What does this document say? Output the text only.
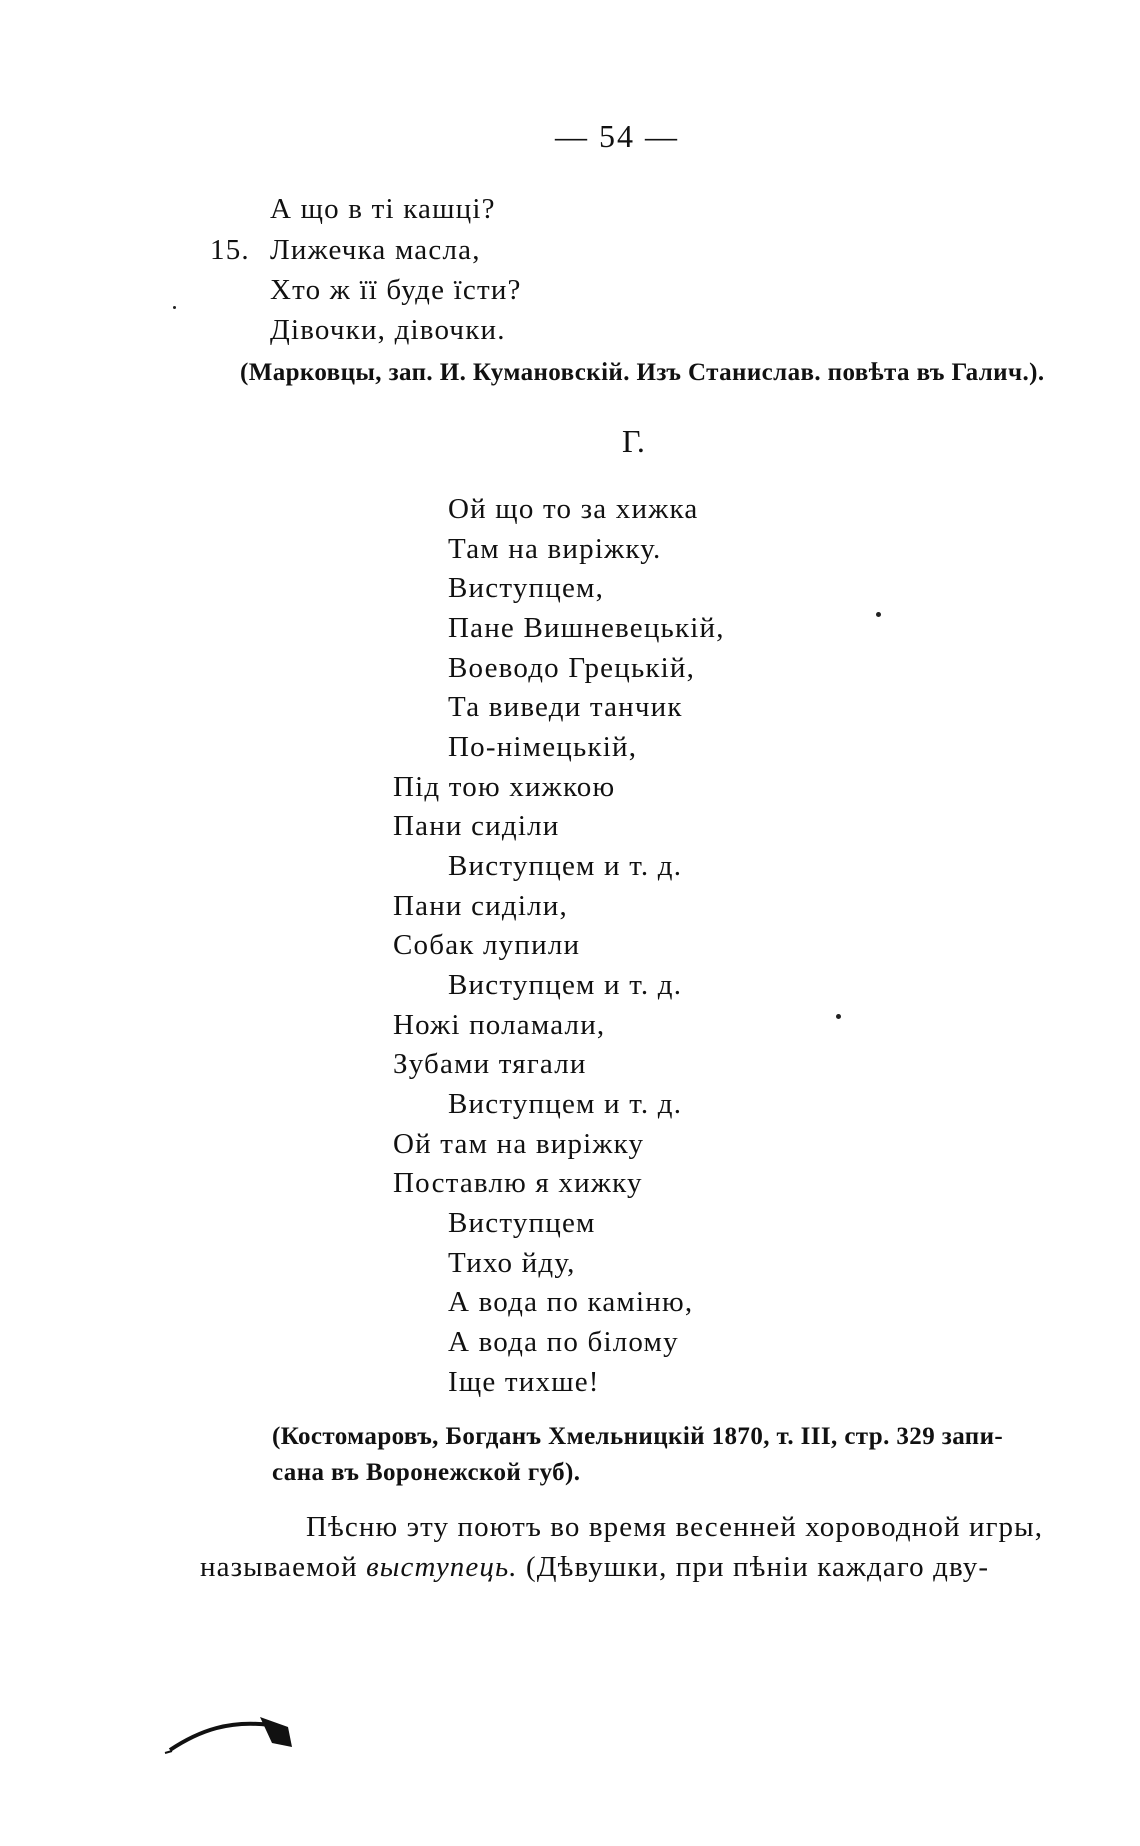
— 54 —
А що в ті кашці?
15. Лижечка масла,
Хто ж її буде їсти?
Дівочки, дівочки.
(Марковцы, зап. И. Кумановскій. Изъ Станислав. повѣта въ Галич.).
Г.
Ой що то за хижка
Там на виріжку.
Виступцем,
Пане Вишневецькій,
Воеводо Грецькій,
Та виведи танчик
По-німецькій,
Під тою хижкою
Пани сиділи
Виступцем и т. д.
Пани сиділи,
Собак лупили
Виступцем и т. д.
Ножі поламали,
Зубами тягали
Виступцем и т. д.
Ой там на виріжку
Поставлю я хижку
Виступцем
Тихо йду,
А вода по каміню,
А вода по білому
Іще тихше!
(Костомаровъ, Богданъ Хмельницкій 1870, т. III, стр. 329 запи-
сана въ Воронежской губ).
Пѣсню эту поютъ во время весенней хороводной игры,
называемой выступець. (Дѣвушки, при пѣніи каждаго дву-
